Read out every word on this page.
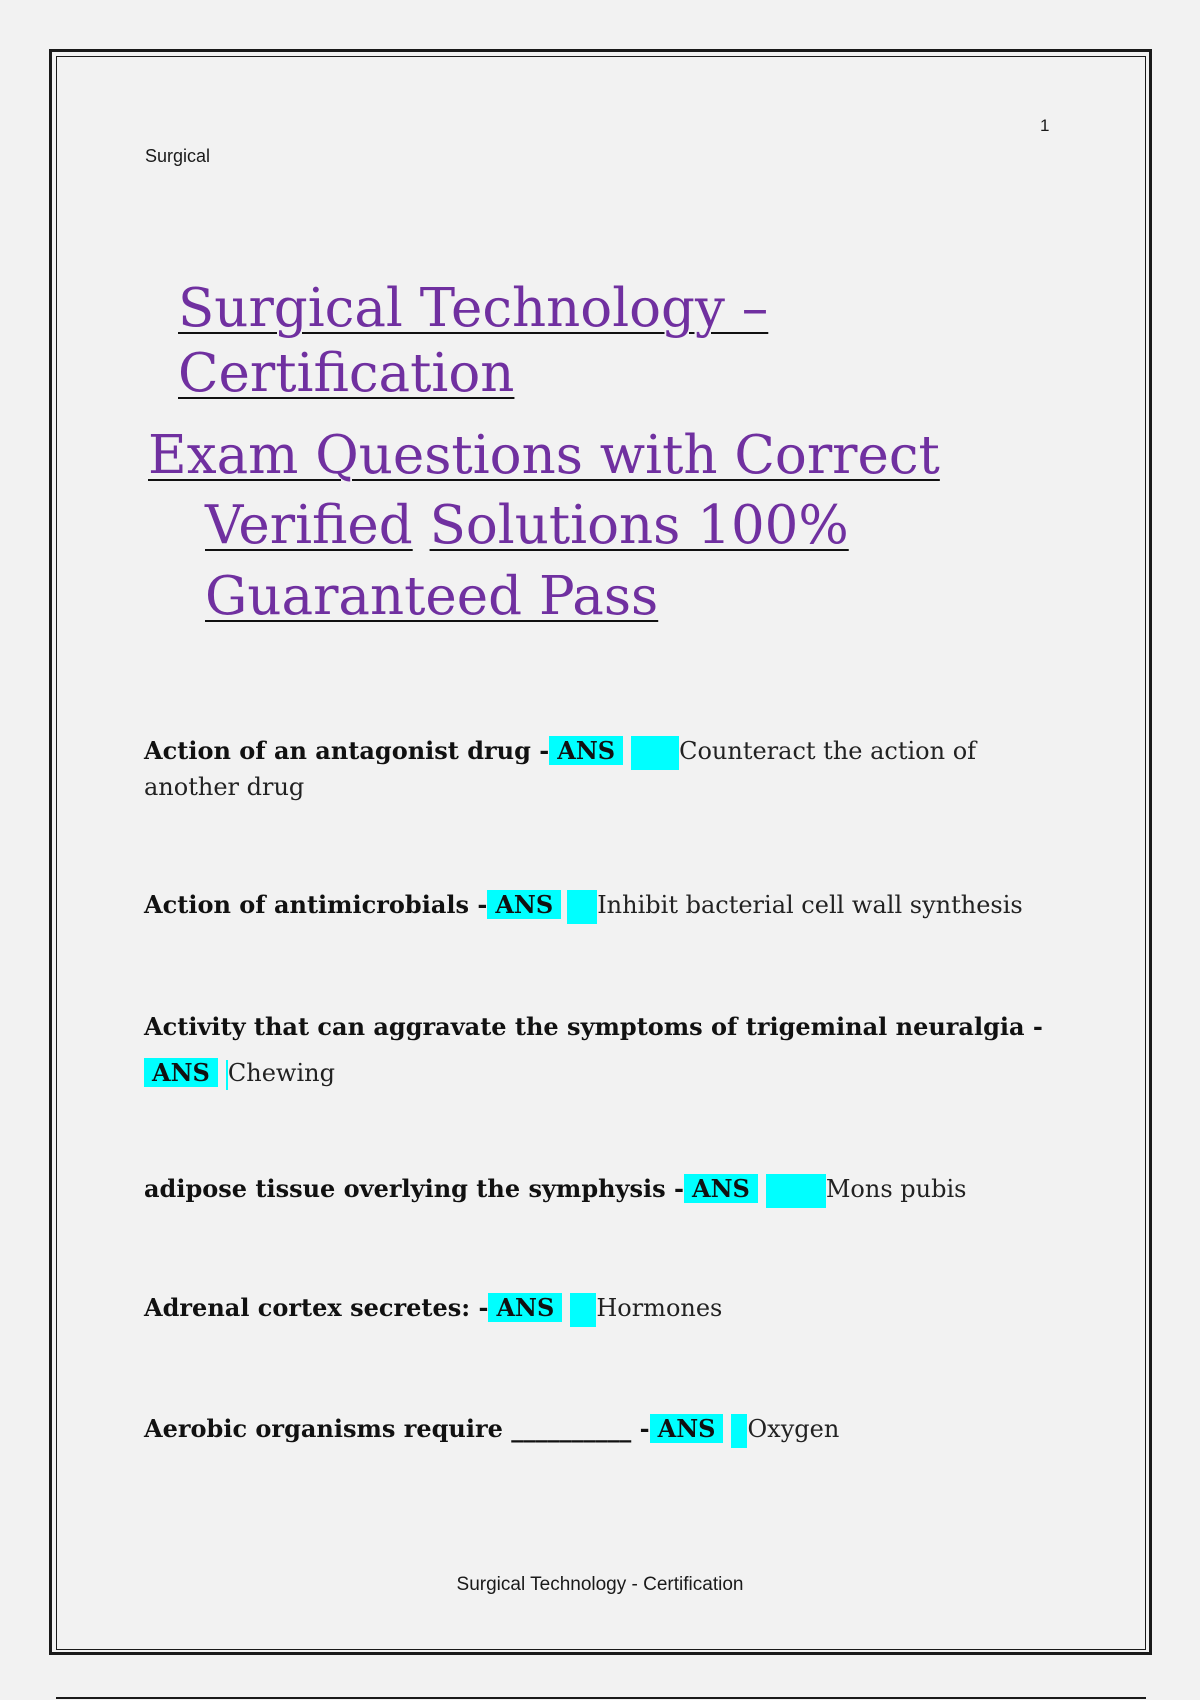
1
Surgical
Surgical Technology –
Certification
Exam Questions with Correct
Verified Solutions 100%
Guaranteed Pass
Action of an antagonist drug - ANS	Counteract the action of another drug
Action of antimicrobials - ANS Inhibit bacterial cell wall synthesis
Activity that can aggravate the symptoms of trigeminal neuralgia -
ANS Chewing
adipose tissue overlying the symphysis - ANS	Mons pubis
Adrenal cortex secretes: - ANS Hormones
Aerobic organisms require __________ - ANS Oxygen
Surgical Technology - Certification
